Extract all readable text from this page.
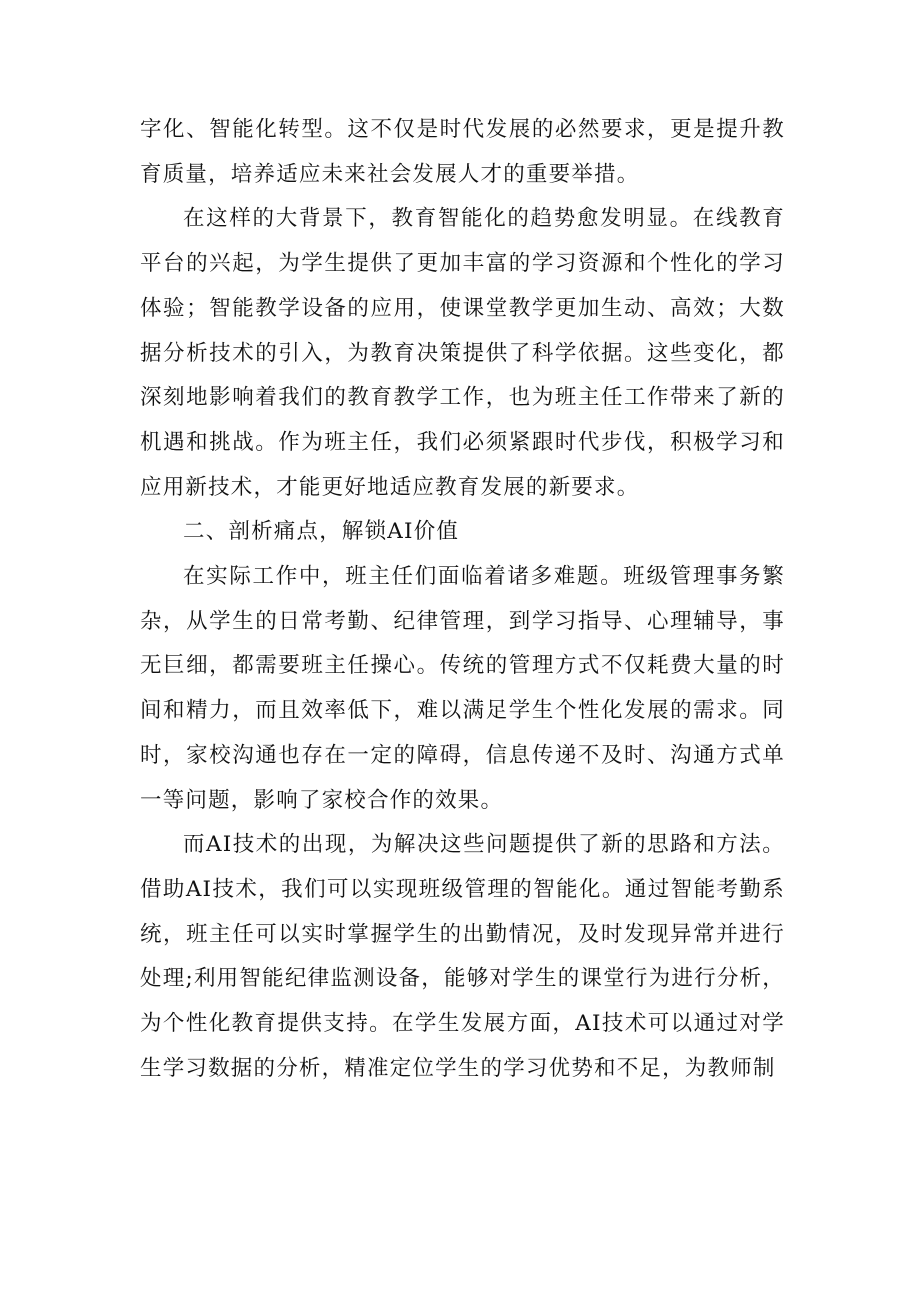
字化、智能化转型。这不仅是时代发展的必然要求，更是提升教育质量，培养适应未来社会发展人才的重要举措。

在这样的大背景下，教育智能化的趋势愈发明显。在线教育平台的兴起，为学生提供了更加丰富的学习资源和个性化的学习体验；智能教学设备的应用，使课堂教学更加生动、高效；大数据分析技术的引入，为教育决策提供了科学依据。这些变化，都深刻地影响着我们的教育教学工作，也为班主任工作带来了新的机遇和挑战。作为班主任，我们必须紧跟时代步伐，积极学习和应用新技术，才能更好地适应教育发展的新要求。

二、剖析痛点，解锁AI价值

在实际工作中，班主任们面临着诸多难题。班级管理事务繁杂，从学生的日常考勤、纪律管理，到学习指导、心理辅导，事无巨细，都需要班主任操心。传统的管理方式不仅耗费大量的时间和精力，而且效率低下，难以满足学生个性化发展的需求。同时，家校沟通也存在一定的障碍，信息传递不及时、沟通方式单一等问题，影响了家校合作的效果。

而AI技术的出现，为解决这些问题提供了新的思路和方法。借助AI技术，我们可以实现班级管理的智能化。通过智能考勤系统，班主任可以实时掌握学生的出勤情况，及时发现异常并进行处理;利用智能纪律监测设备，能够对学生的课堂行为进行分析，为个性化教育提供支持。在学生发展方面，AI技术可以通过对学生学习数据的分析，精准定位学生的学习优势和不足，为教师制
